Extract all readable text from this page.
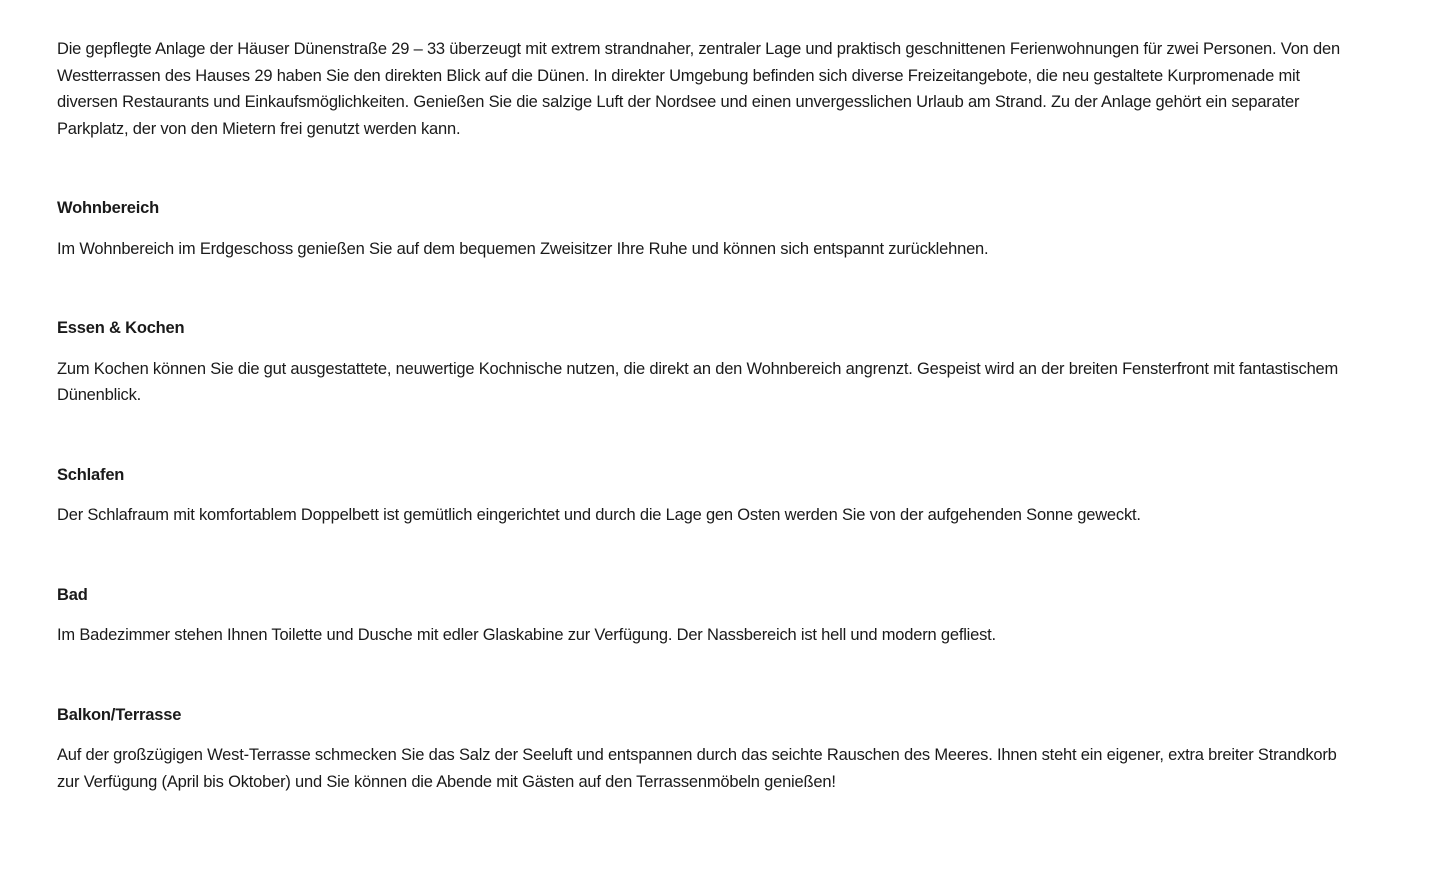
Die gepflegte Anlage der Häuser Dünenstraße 29 – 33 überzeugt mit extrem strandnaher, zentraler Lage und praktisch geschnittenen Ferienwohnungen für zwei Personen. Von den Westterrassen des Hauses 29 haben Sie den direkten Blick auf die Dünen. In direkter Umgebung befinden sich diverse Freizeitangebote, die neu gestaltete Kurpromenade mit diversen Restaurants und Einkaufsmöglichkeiten. Genießen Sie die salzige Luft der Nordsee und einen unvergesslichen Urlaub am Strand. Zu der Anlage gehört ein separater Parkplatz, der von den Mietern frei genutzt werden kann.

Wohnbereich

Im Wohnbereich im Erdgeschoss genießen Sie auf dem bequemen Zweisitzer Ihre Ruhe und können sich entspannt zurücklehnen.

Essen & Kochen

Zum Kochen können Sie die gut ausgestattete, neuwertige Kochnische nutzen, die direkt an den Wohnbereich angrenzt. Gespeist wird an der breiten Fensterfront mit fantastischem Dünenblick.

Schlafen

Der Schlafraum mit komfortablem Doppelbett ist gemütlich eingerichtet und durch die Lage gen Osten werden Sie von der aufgehenden Sonne geweckt.

Bad

Im Badezimmer stehen Ihnen Toilette und Dusche mit edler Glaskabine zur Verfügung. Der Nassbereich ist hell und modern gefliest.

Balkon/Terrasse

Auf der großzügigen West-Terrasse schmecken Sie das Salz der Seeluft und entspannen durch das seichte Rauschen des Meeres. Ihnen steht ein eigener, extra breiter Strandkorb zur Verfügung (April bis Oktober) und Sie können die Abende mit Gästen auf den Terrassenmöbeln genießen!
